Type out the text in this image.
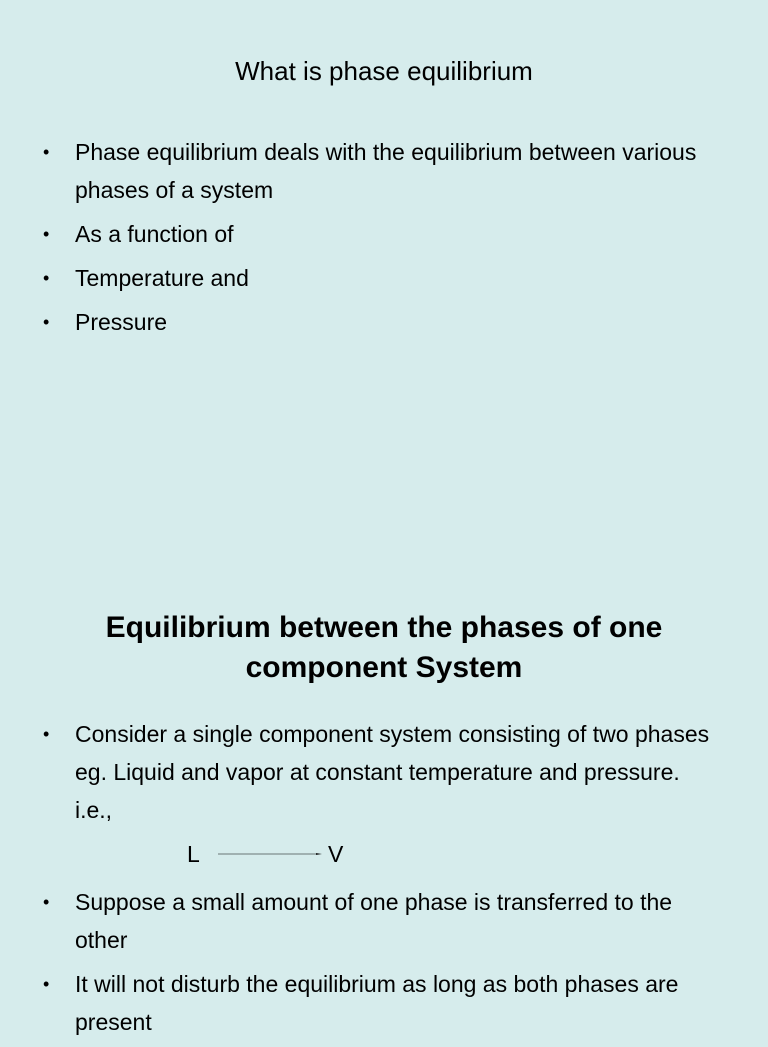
What is phase equilibrium
• Phase equilibrium deals with the equilibrium between various phases of a system
• As a function of
• Temperature and
• Pressure
Equilibrium between the phases of one component System
• Consider a single component system consisting of two phases eg. Liquid and vapor at constant temperature and pressure. i.e.,
L	V
• Suppose a small amount of one phase is transferred to the other
• It will not disturb the equilibrium as long as both phases are present
